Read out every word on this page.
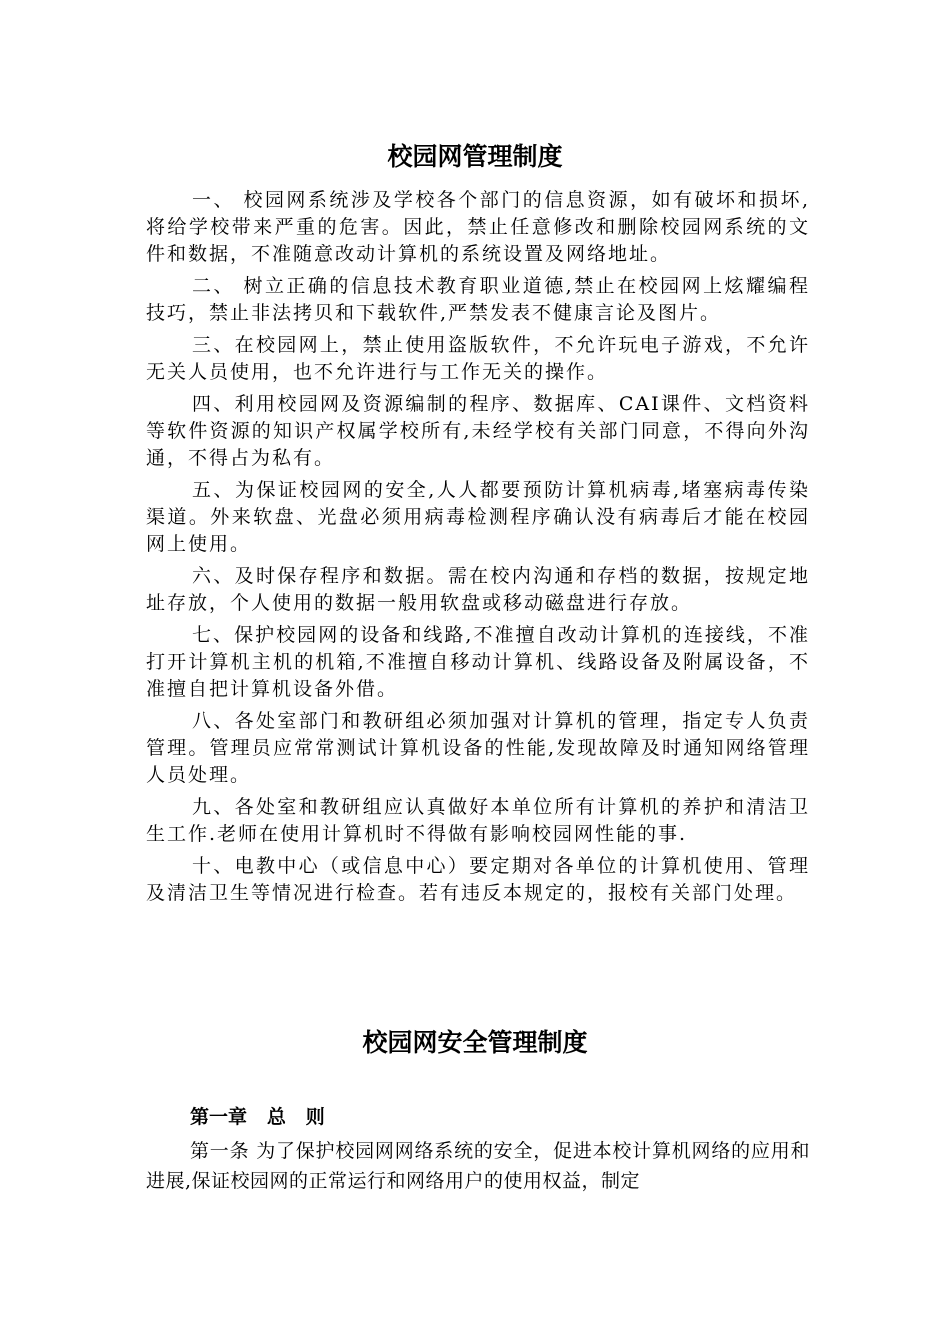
校园网管理制度
一、 校园网系统涉及学校各个部门的信息资源，如有破坏和损坏,将给学校带来严重的危害。因此，禁止任意修改和删除校园网系统的文件和数据，不准随意改动计算机的系统设置及网络地址。
二、 树立正确的信息技术教育职业道德,禁止在校园网上炫耀编程技巧，禁止非法拷贝和下载软件,严禁发表不健康言论及图片。
三、在校园网上，禁止使用盗版软件，不允许玩电子游戏，不允许无关人员使用，也不允许进行与工作无关的操作。
四、利用校园网及资源编制的程序、数据库、CAI课件、文档资料等软件资源的知识产权属学校所有,未经学校有关部门同意，不得向外沟通，不得占为私有。
五、为保证校园网的安全,人人都要预防计算机病毒,堵塞病毒传染渠道。外来软盘、光盘必须用病毒检测程序确认没有病毒后才能在校园网上使用。
六、及时保存程序和数据。需在校内沟通和存档的数据，按规定地址存放，个人使用的数据一般用软盘或移动磁盘进行存放。
七、保护校园网的设备和线路,不准擅自改动计算机的连接线，不准打开计算机主机的机箱,不准擅自移动计算机、线路设备及附属设备，不准擅自把计算机设备外借。
八、各处室部门和教研组必须加强对计算机的管理，指定专人负责管理。管理员应常常测试计算机设备的性能,发现故障及时通知网络管理人员处理。
九、各处室和教研组应认真做好本单位所有计算机的养护和清洁卫生工作.老师在使用计算机时不得做有影响校园网性能的事.
十、电教中心（或信息中心）要定期对各单位的计算机使用、管理及清洁卫生等情况进行检查。若有违反本规定的，报校有关部门处理。
校园网安全管理制度
第一章   总   则

第一条 为了保护校园网网络系统的安全，促进本校计算机网络的应用和进展,保证校园网的正常运行和网络用户的使用权益，制定
